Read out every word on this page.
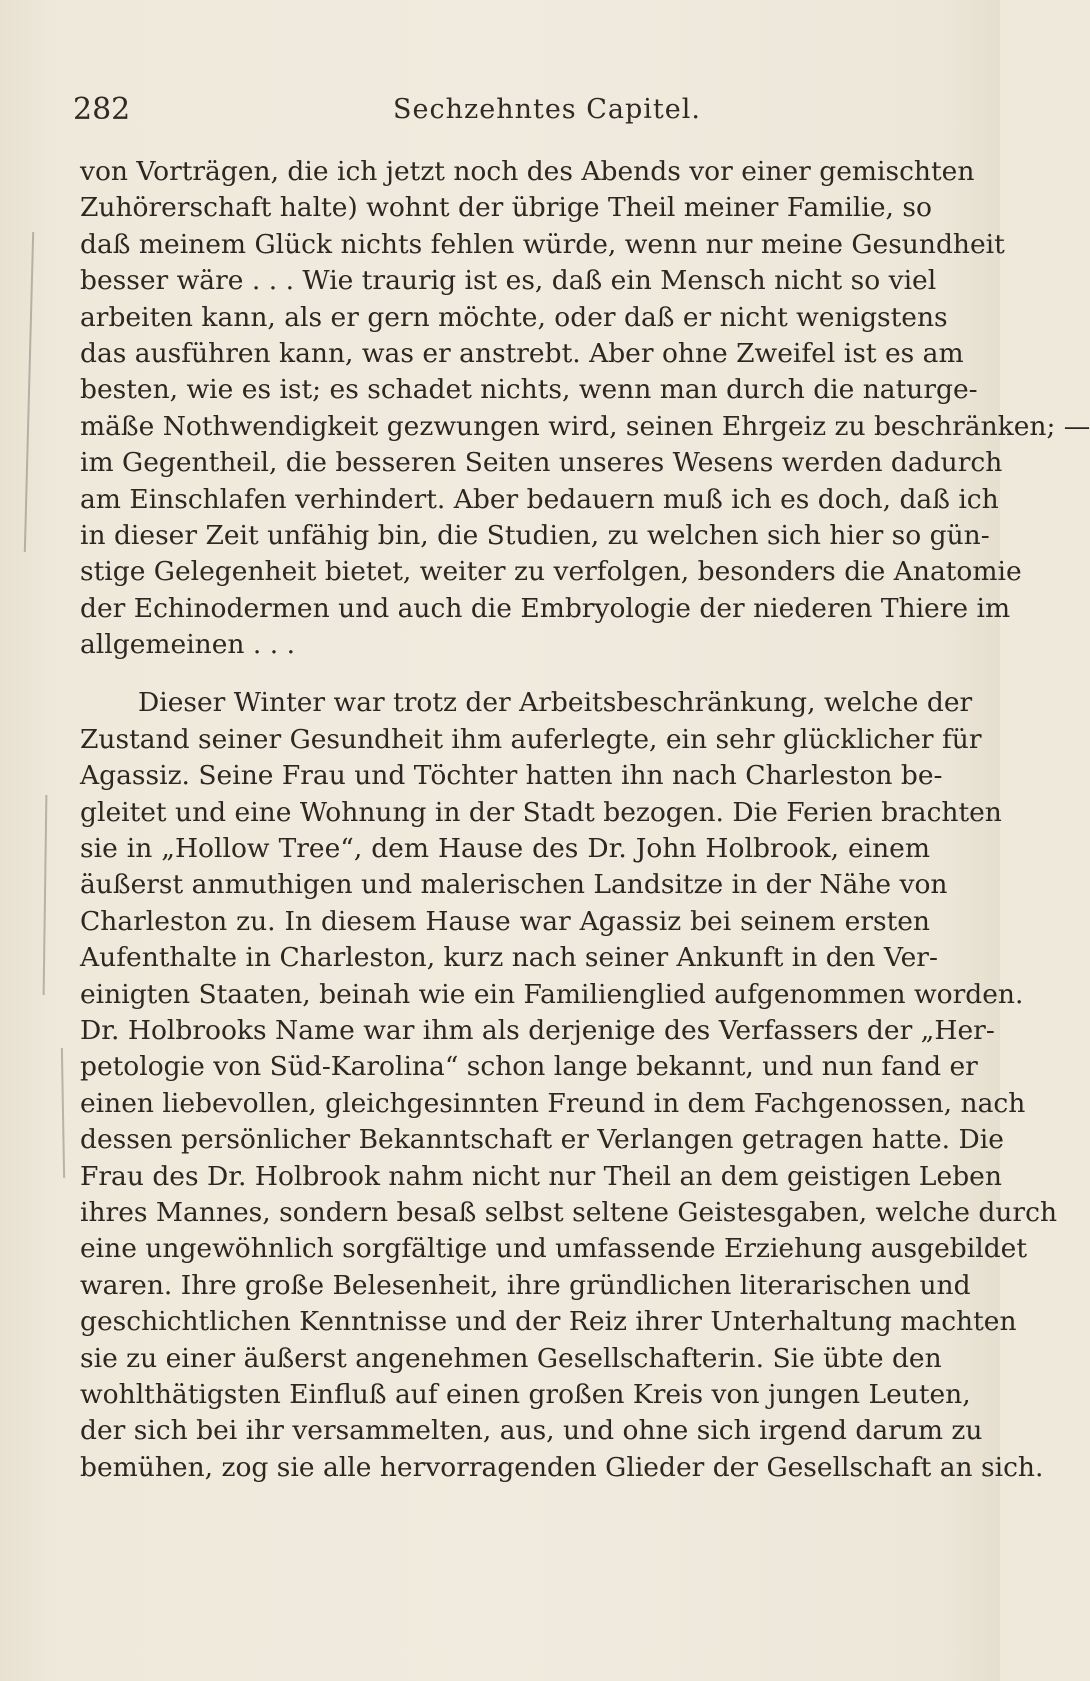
282	Sechzehntes Capitel.
von Vorträgen, die ich jetzt noch des Abends vor einer gemischten
Zuhörerschaft halte) wohnt der übrige Theil meiner Familie, so
daß meinem Glück nichts fehlen würde, wenn nur meine Gesundheit
besser wäre . . . Wie traurig ist es, daß ein Mensch nicht so viel
arbeiten kann, als er gern möchte, oder daß er nicht wenigstens
das ausführen kann, was er anstrebt. Aber ohne Zweifel ist es am
besten, wie es ist; es schadet nichts, wenn man durch die naturge-
mäße Nothwendigkeit gezwungen wird, seinen Ehrgeiz zu beschränken; —
im Gegentheil, die besseren Seiten unseres Wesens werden dadurch
am Einschlafen verhindert. Aber bedauern muß ich es doch, daß ich
in dieser Zeit unfähig bin, die Studien, zu welchen sich hier so gün-
stige Gelegenheit bietet, weiter zu verfolgen, besonders die Anatomie
der Echinodermen und auch die Embryologie der niederen Thiere im
allgemeinen . . .
Dieser Winter war trotz der Arbeitsbeschränkung, welche der
Zustand seiner Gesundheit ihm auferlegte, ein sehr glücklicher für
Agassiz. Seine Frau und Töchter hatten ihn nach Charleston be-
gleitet und eine Wohnung in der Stadt bezogen. Die Ferien brachten
sie in „Hollow Tree“, dem Hause des Dr. John Holbrook, einem
äußerst anmuthigen und malerischen Landsitze in der Nähe von
Charleston zu. In diesem Hause war Agassiz bei seinem ersten
Aufenthalte in Charleston, kurz nach seiner Ankunft in den Ver-
einigten Staaten, beinah wie ein Familienglied aufgenommen worden.
Dr. Holbrooks Name war ihm als derjenige des Verfassers der „Her-
petologie von Süd-Karolina“ schon lange bekannt, und nun fand er
einen liebevollen, gleichgesinnten Freund in dem Fachgenossen, nach
dessen persönlicher Bekanntschaft er Verlangen getragen hatte. Die
Frau des Dr. Holbrook nahm nicht nur Theil an dem geistigen Leben
ihres Mannes, sondern besaß selbst seltene Geistesgaben, welche durch
eine ungewöhnlich sorgfältige und umfassende Erziehung ausgebildet
waren. Ihre große Belesenheit, ihre gründlichen literarischen und
geschichtlichen Kenntnisse und der Reiz ihrer Unterhaltung machten
sie zu einer äußerst angenehmen Gesellschafterin. Sie übte den
wohlthätigsten Einfluß auf einen großen Kreis von jungen Leuten,
der sich bei ihr versammelten, aus, und ohne sich irgend darum zu
bemühen, zog sie alle hervorragenden Glieder der Gesellschaft an sich.
